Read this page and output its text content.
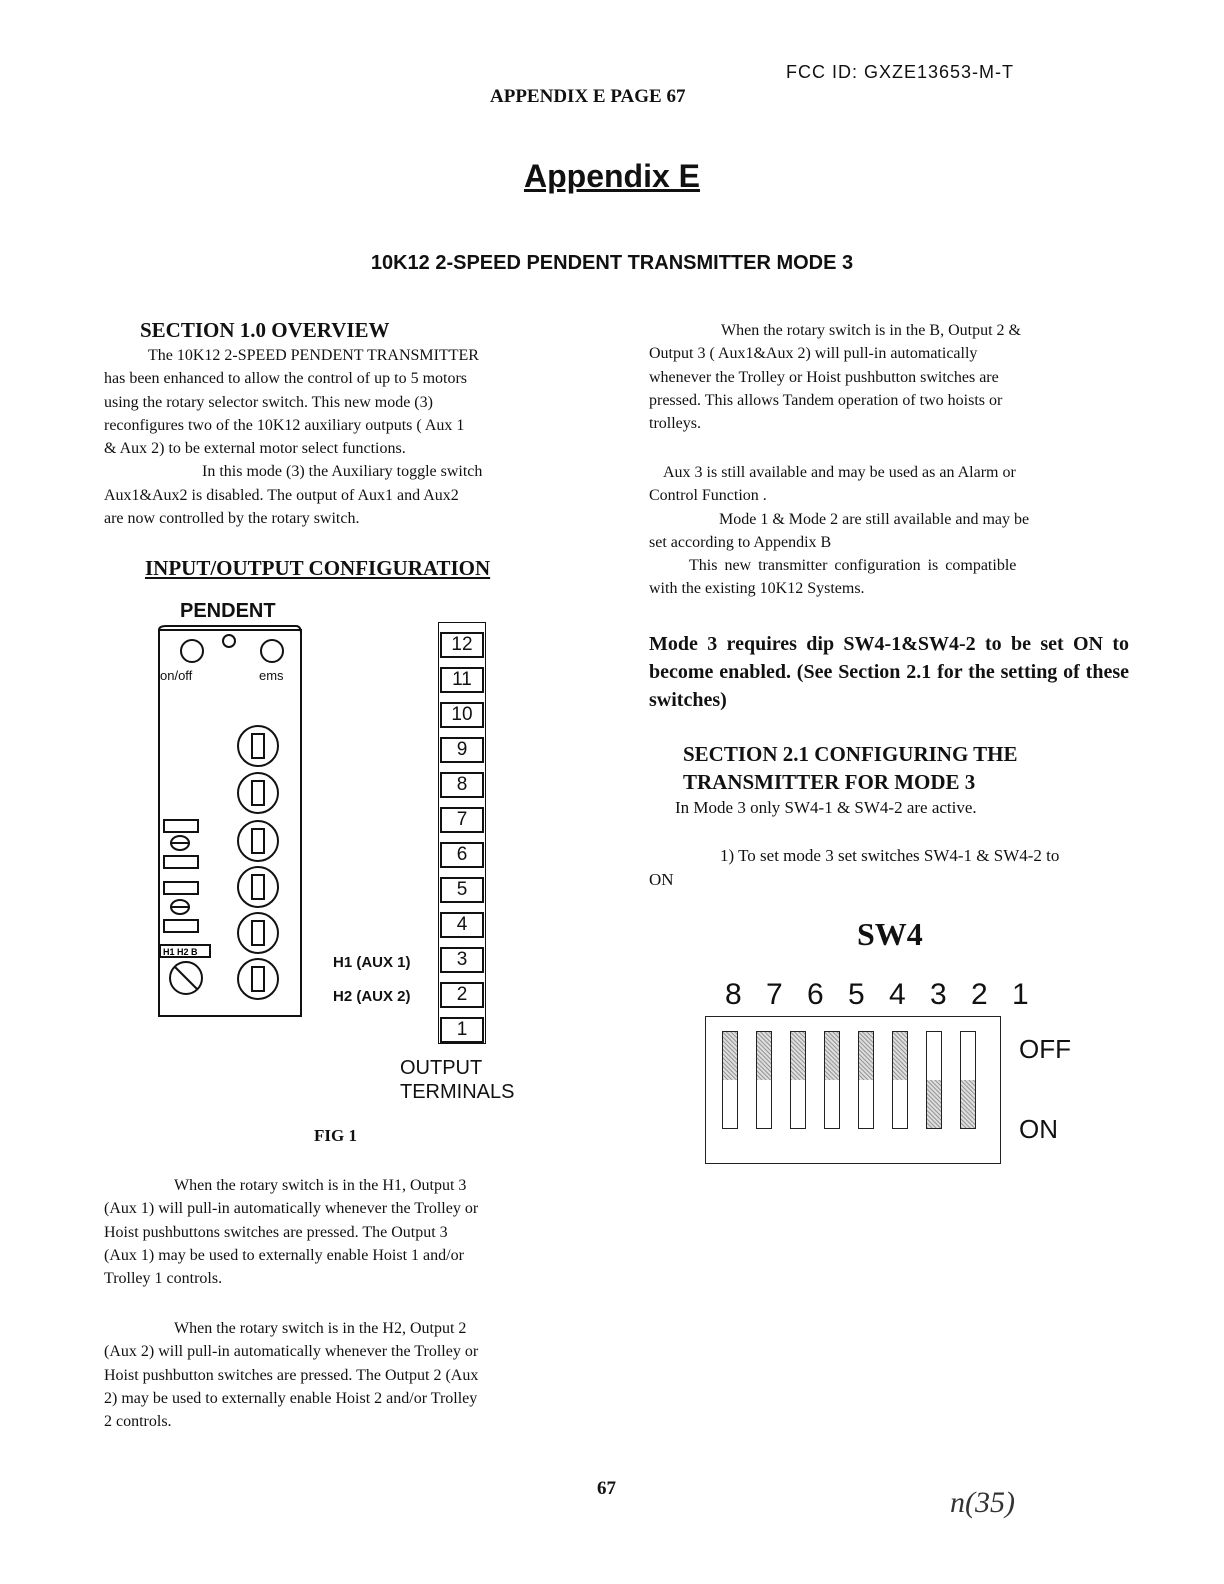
FCC ID: GXZE13653-M-T
APPENDIX E PAGE 67
Appendix E
10K12 2-SPEED PENDENT TRANSMITTER MODE 3
SECTION 1.0 OVERVIEW

The 10K12 2-SPEED PENDENT TRANSMITTER
has been enhanced to allow the control of up to 5 motors
using the rotary selector switch. This new mode (3)
reconfigures two of the 10K12 auxiliary outputs ( Aux 1
& Aux 2) to be external motor select functions.
In this mode (3) the Auxiliary toggle switch
Aux1&Aux2 is disabled. The output of Aux1 and Aux2
are now controlled by the rotary switch.

INPUT/OUTPUT CONFIGURATION
PENDENT
H1 H2 B
on/off	ems
12
11
10
9
8
7
6
5
4
3
2
1
H1 (AUX 1)
H2 (AUX 2)
OUTPUT
TERMINALS
FIG 1

When the rotary switch is in the H1, Output 3
(Aux 1) will pull-in automatically whenever the Trolley or
Hoist pushbuttons switches are pressed. The Output 3
(Aux 1) may be used to externally enable Hoist 1 and/or
Trolley 1 controls.

When the rotary switch is in the H2, Output 2
(Aux 2) will pull-in automatically whenever the Trolley or
Hoist pushbutton switches are pressed. The Output 2 (Aux
2) may be used to externally enable Hoist 2 and/or Trolley
2 controls.

When the rotary switch is in the B, Output 2 &
Output 3 ( Aux1&Aux 2) will pull-in automatically
whenever the Trolley or Hoist pushbutton switches are
pressed. This allows Tandem operation of two hoists or
trolleys.

Aux 3 is still available and may be used as an Alarm or
Control Function .
Mode 1 & Mode 2 are still available and may be
set according to Appendix B
This new transmitter configuration is compatible
with the existing 10K12 Systems.

Mode 3 requires dip SW4-1&SW4-2 to be set ON to become enabled. (See Section 2.1 for the setting of these switches)
SECTION 2.1 CONFIGURING THE
TRANSMITTER FOR MODE 3
In Mode 3 only SW4-1 & SW4-2 are active.
1) To set mode 3 set switches SW4-1 & SW4-2 to
ON
SW4
8 7 6 5 4 3 2 1
OFF
ON
67	n(35)
